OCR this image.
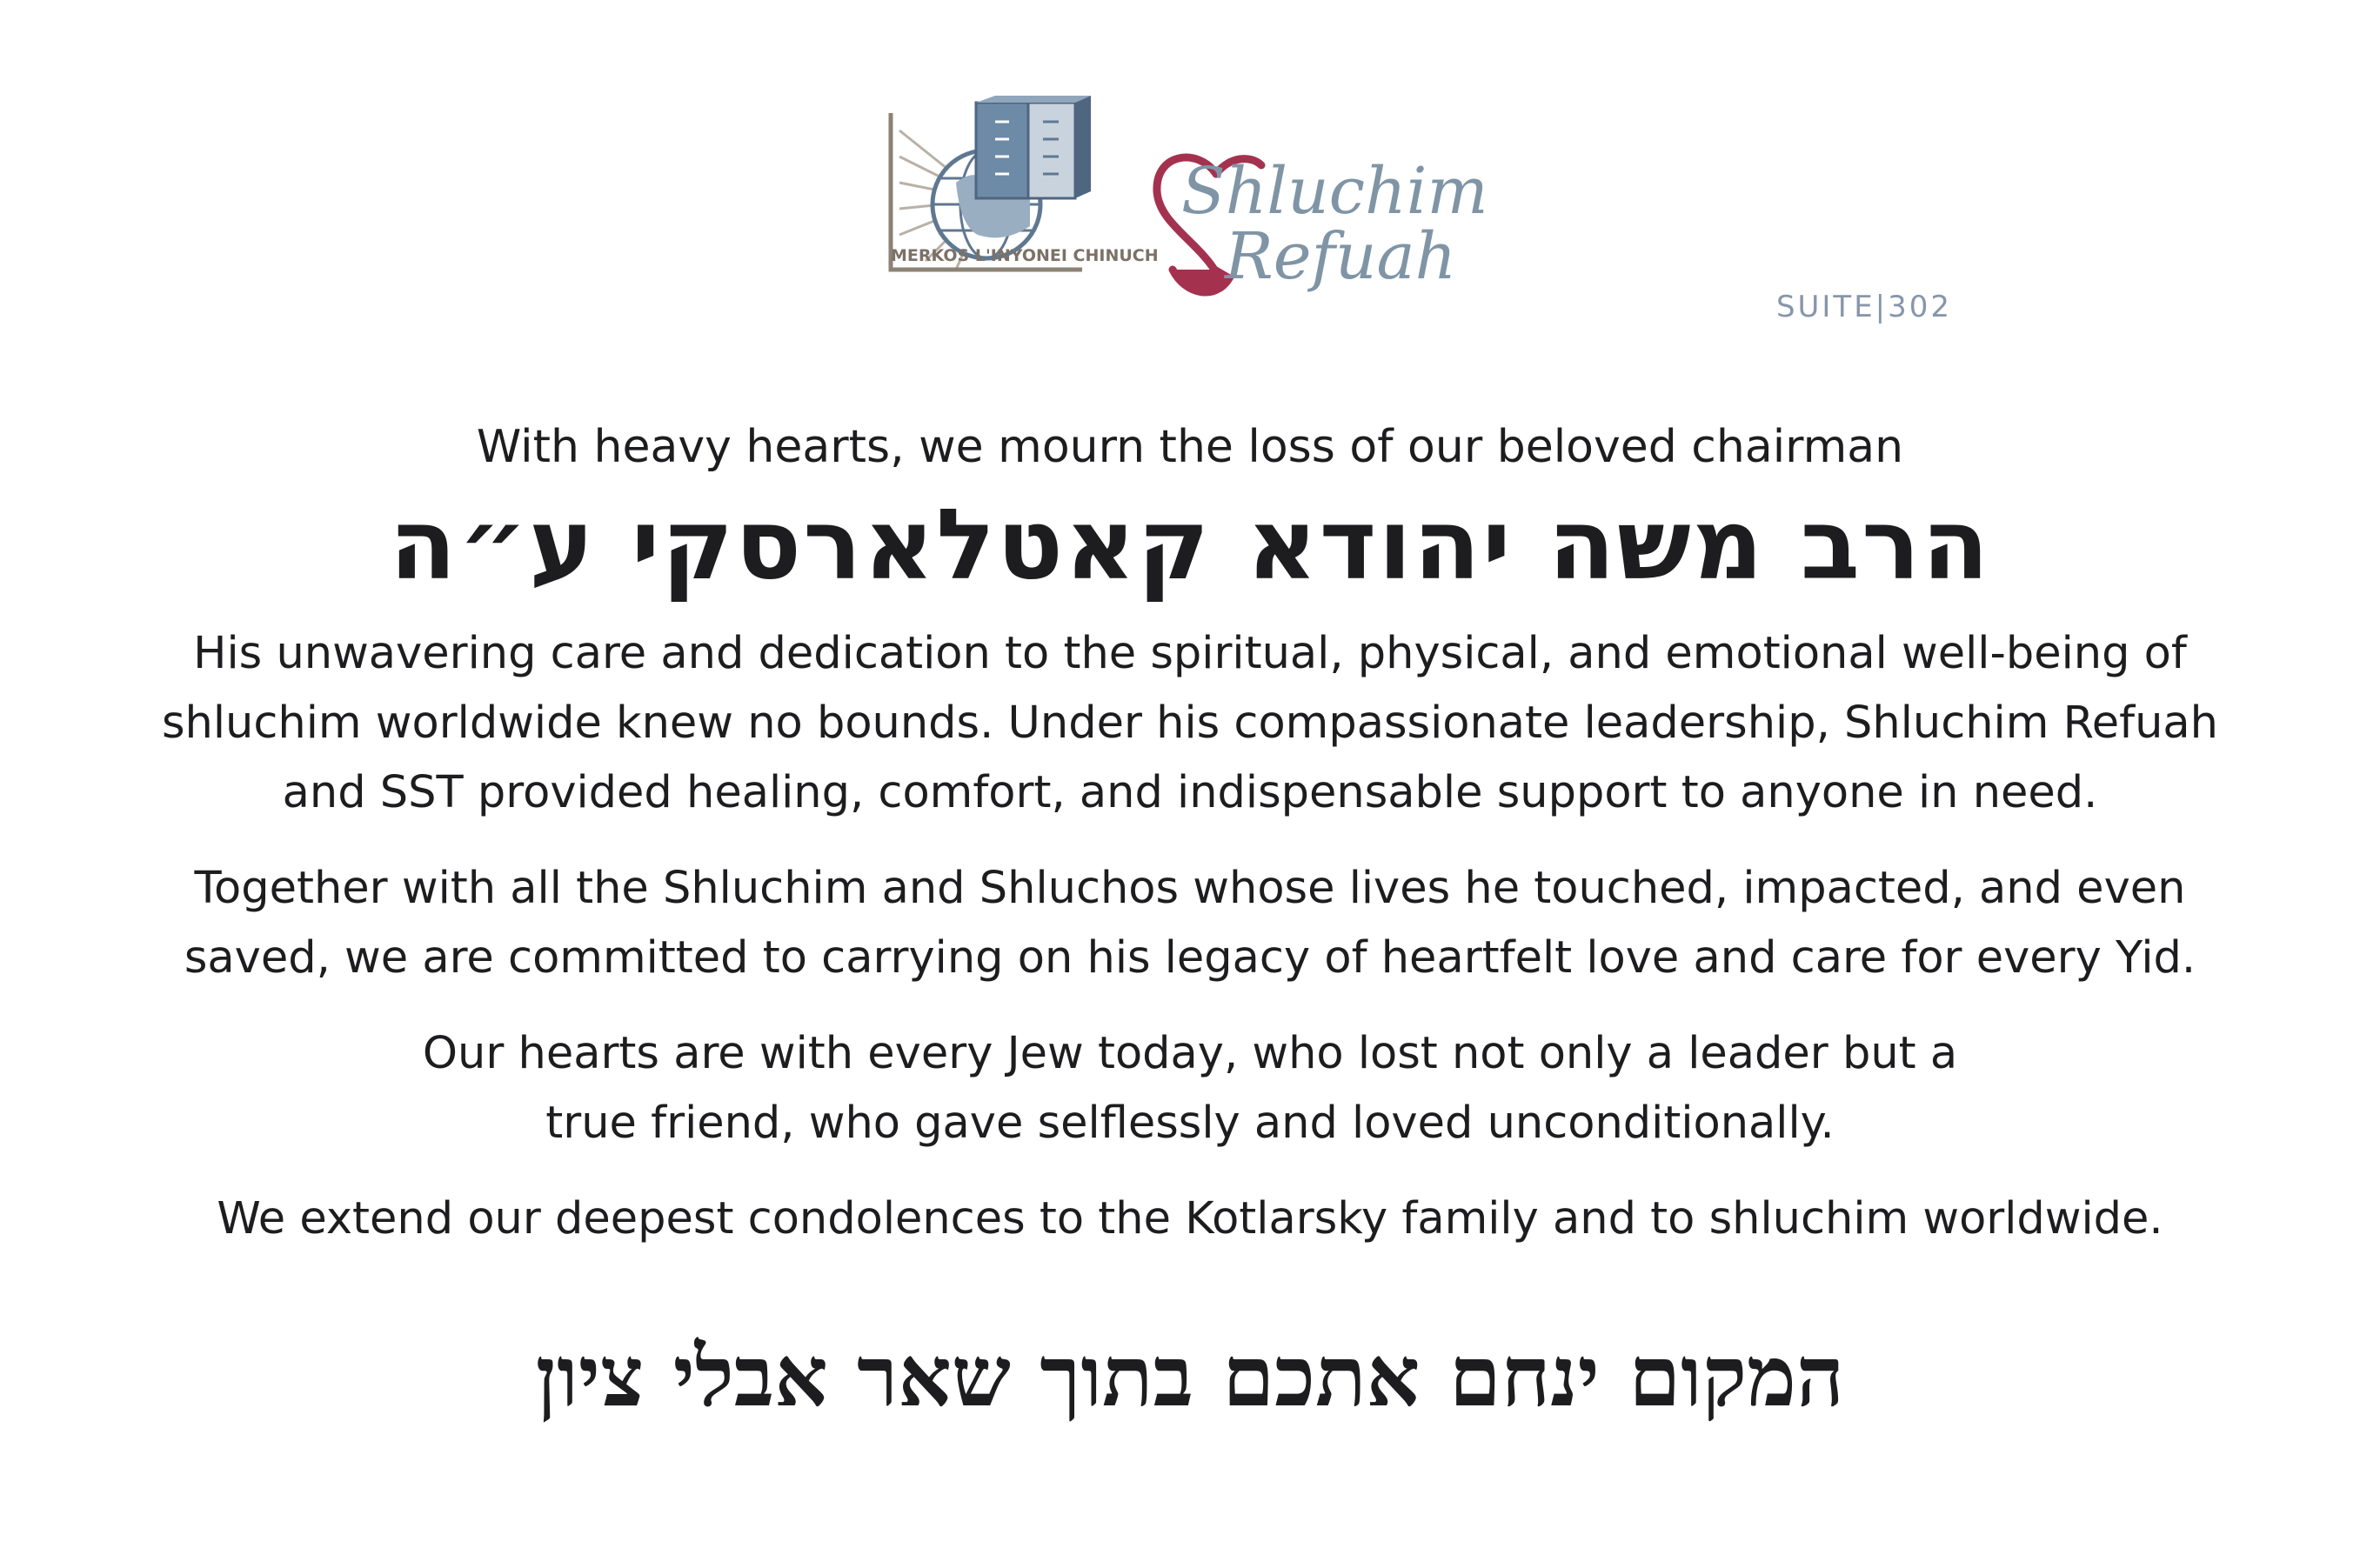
MERKOS L'INYONEI CHINUCH
SUITE|302
Shluchim
Refuah
With heavy hearts, we mourn the loss of our beloved chairman
הרב משה יהודא קאטלארסקי ע״ה
His unwavering care and dedication to the spiritual, physical, and emotional well-being of
shluchim worldwide knew no bounds. Under his compassionate leadership, Shluchim Refuah
and SST provided healing, comfort, and indispensable support to anyone in need.
Together with all the Shluchim and Shluchos whose lives he touched, impacted, and even
saved, we are committed to carrying on his legacy of heartfelt love and care for every Yid.
Our hearts are with every Jew today, who lost not only a leader but a
true friend, who gave selflessly and loved unconditionally.
We extend our deepest condolences to the Kotlarsky family and to shluchim worldwide.
המקום ינחם אתכם בתוך שאר אבלי ציון
